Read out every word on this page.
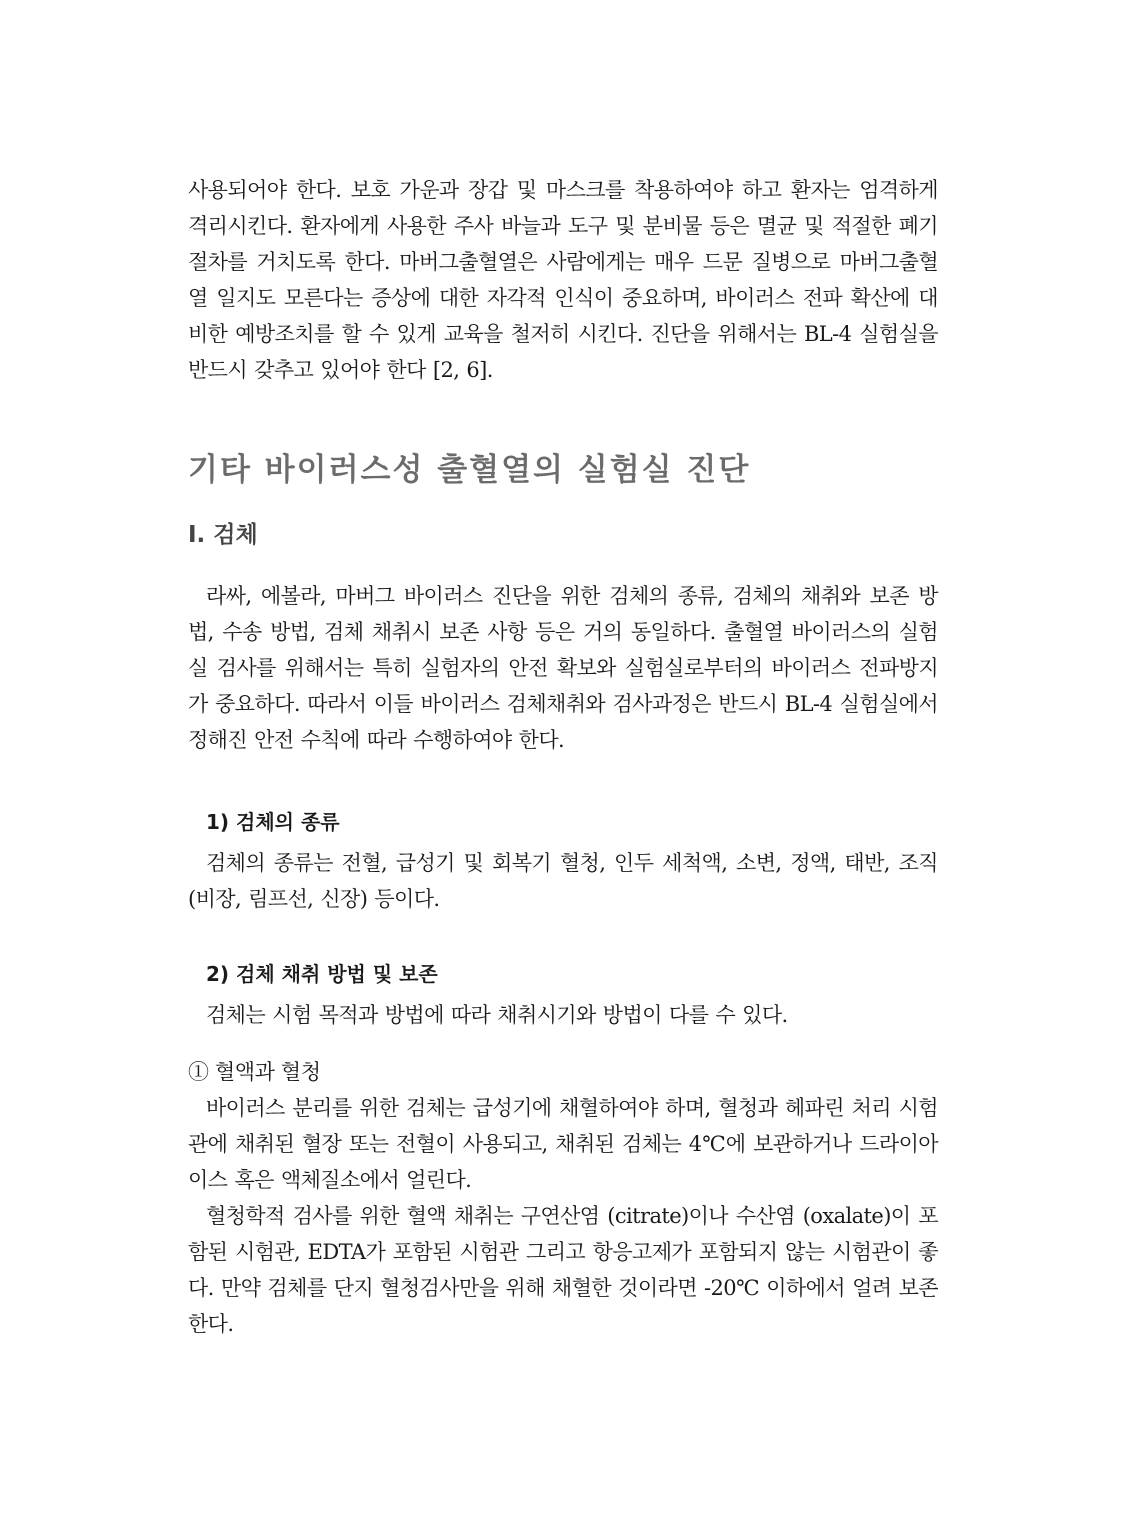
사용되어야 한다. 보호 가운과 장갑 및 마스크를 착용하여야 하고 환자는 엄격하게 격리시킨다. 환자에게 사용한 주사 바늘과 도구 및 분비물 등은 멸균 및 적절한 폐기 절차를 거치도록 한다. 마버그출혈열은 사람에게는 매우 드문 질병으로 마버그출혈열 일지도 모른다는 증상에 대한 자각적 인식이 중요하며, 바이러스 전파 확산에 대비한 예방조치를 할 수 있게 교육을 철저히 시킨다. 진단을 위해서는 BL-4 실험실을 반드시 갖추고 있어야 한다 [2, 6].

기타 바이러스성 출혈열의 실험실 진단
Ⅰ. 검체

라싸, 에볼라, 마버그 바이러스 진단을 위한 검체의 종류, 검체의 채취와 보존 방법, 수송 방법, 검체 채취시 보존 사항 등은 거의 동일하다. 출혈열 바이러스의 실험실 검사를 위해서는 특히 실험자의 안전 확보와 실험실로부터의 바이러스 전파방지가 중요하다. 따라서 이들 바이러스 검체채취와 검사과정은 반드시 BL-4 실험실에서 정해진 안전 수칙에 따라 수행하여야 한다.

1) 검체의 종류

검체의 종류는 전혈, 급성기 및 회복기 혈청, 인두 세척액, 소변, 정액, 태반, 조직 (비장, 림프선, 신장) 등이다.

2) 검체 채취 방법 및 보존

검체는 시험 목적과 방법에 따라 채취시기와 방법이 다를 수 있다.

① 혈액과 혈청

바이러스 분리를 위한 검체는 급성기에 채혈하여야 하며, 혈청과 헤파린 처리 시험관에 채취된 혈장 또는 전혈이 사용되고, 채취된 검체는 4℃에 보관하거나 드라이아이스 혹은 액체질소에서 얼린다.

혈청학적 검사를 위한 혈액 채취는 구연산염 (citrate)이나 수산염 (oxalate)이 포함된 시험관, EDTA가 포함된 시험관 그리고 항응고제가 포함되지 않는 시험관이 좋다. 만약 검체를 단지 혈청검사만을 위해 채혈한 것이라면 -20℃ 이하에서 얼려 보존한다.
